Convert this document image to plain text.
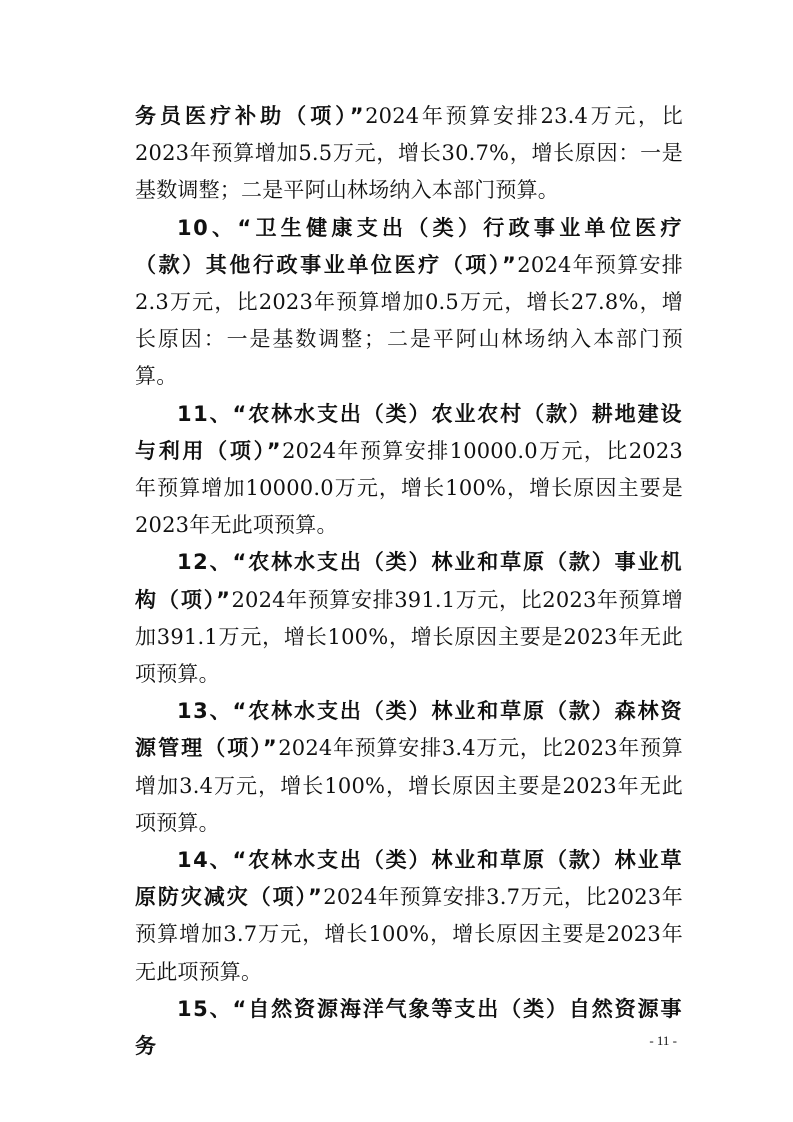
务员医疗补助（项）”2024年预算安排23.4万元，比2023年预算增加5.5万元，增长30.7%，增长原因：一是基数调整；二是平阿山林场纳入本部门预算。

10、“卫生健康支出（类）行政事业单位医疗（款）其他行政事业单位医疗（项）”2024年预算安排2.3万元，比2023年预算增加0.5万元，增长27.8%，增长原因：一是基数调整；二是平阿山林场纳入本部门预算。

11、“农林水支出（类）农业农村（款）耕地建设与利用（项）”2024年预算安排10000.0万元，比2023年预算增加10000.0万元，增长100%，增长原因主要是2023年无此项预算。

12、“农林水支出（类）林业和草原（款）事业机构（项）”2024年预算安排391.1万元，比2023年预算增加391.1万元，增长100%，增长原因主要是2023年无此项预算。

13、“农林水支出（类）林业和草原（款）森林资源管理（项）”2024年预算安排3.4万元，比2023年预算增加3.4万元，增长100%，增长原因主要是2023年无此项预算。

14、“农林水支出（类）林业和草原（款）林业草原防灾减灾（项）”2024年预算安排3.7万元，比2023年预算增加3.7万元，增长100%，增长原因主要是2023年无此项预算。

15、“自然资源海洋气象等支出（类）自然资源事务	- 11 -
